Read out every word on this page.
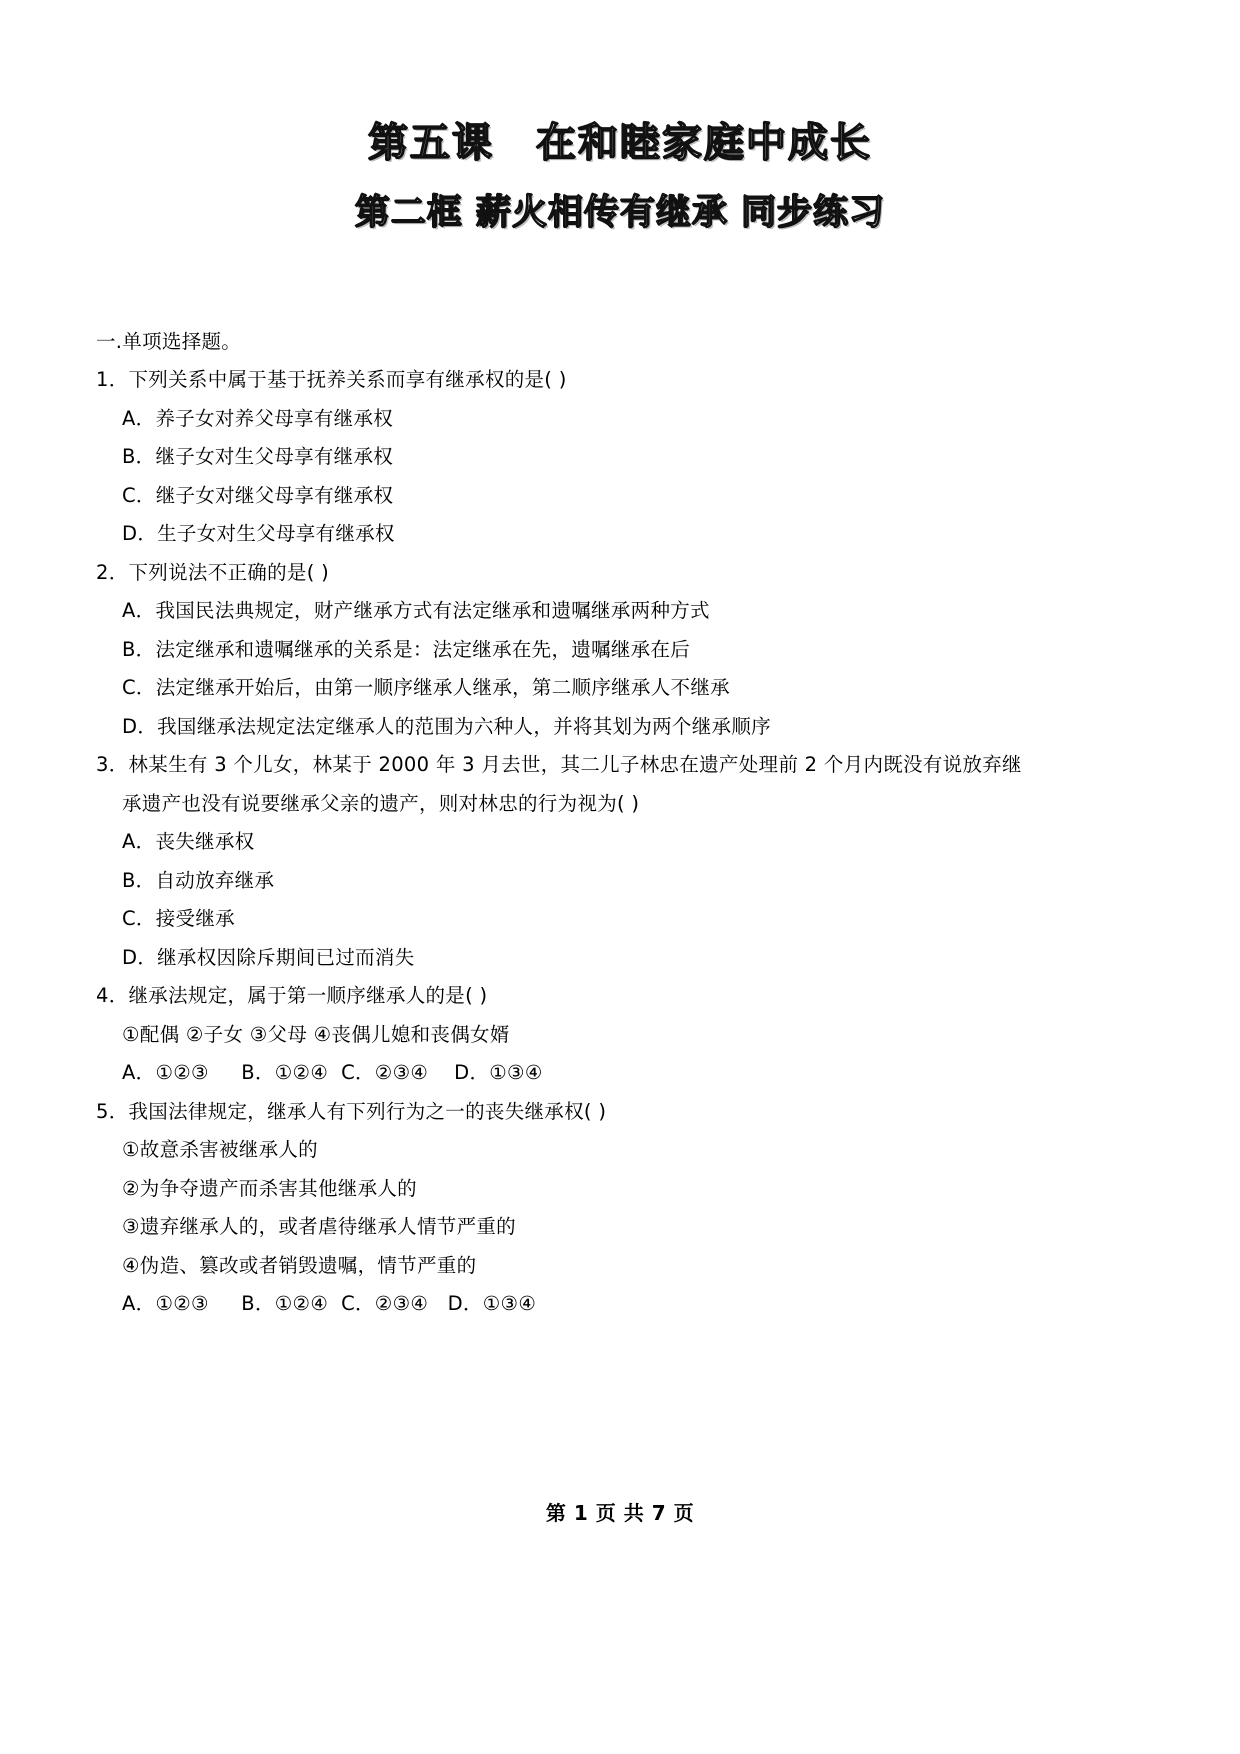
第五课　在和睦家庭中成长
第二框 薪火相传有继承 同步练习
一.单项选择题。
1．下列关系中属于基于抚养关系而享有继承权的是( )
A．养子女对养父母享有继承权
B．继子女对生父母享有继承权
C．继子女对继父母享有继承权
D．生子女对生父母享有继承权
2．下列说法不正确的是( )
A．我国民法典规定，财产继承方式有法定继承和遗嘱继承两种方式
B．法定继承和遗嘱继承的关系是：法定继承在先，遗嘱继承在后
C．法定继承开始后，由第一顺序继承人继承，第二顺序继承人不继承
D．我国继承法规定法定继承人的范围为六种人，并将其划为两个继承顺序
3．林某生有 3 个儿女，林某于 2000 年 3 月去世，其二儿子林忠在遗产处理前 2 个月内既没有说放弃继
承遗产也没有说要继承父亲的遗产，则对林忠的行为视为( )
A．丧失继承权
B．自动放弃继承
C．接受继承
D．继承权因除斥期间已过而消失
4．继承法规定，属于第一顺序继承人的是( )
①配偶 ②子女 ③父母 ④丧偶儿媳和丧偶女婿
A．①②③     B．①②④  C．②③④    D．①③④
5．我国法律规定，继承人有下列行为之一的丧失继承权( )
①故意杀害被继承人的
②为争夺遗产而杀害其他继承人的
③遗弃继承人的，或者虐待继承人情节严重的
④伪造、篡改或者销毁遗嘱，情节严重的
A．①②③     B．①②④  C．②③④   D．①③④
第 1 页 共 7 页
